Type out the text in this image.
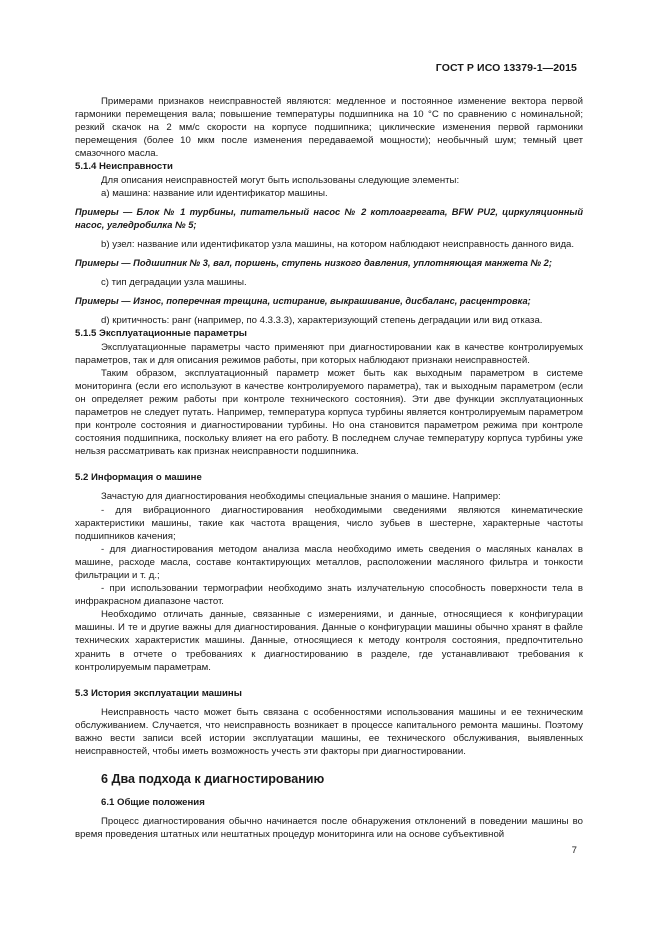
ГОСТ Р ИСО 13379-1—2015

Примерами признаков неисправностей являются: медленное и постоянное изменение вектора первой гармоники перемещения вала; повышение температуры подшипника на 10 °С по сравнению с номинальной; резкий скачок на 2 мм/с скорости на корпусе подшипника; циклические изменения первой гармоники перемещения (более 10 мкм после изменения передаваемой мощности); необычный шум; темный цвет смазочного масла.

5.1.4 Неисправности

Для описания неисправностей могут быть использованы следующие элементы:

а) машина: название или идентификатор машины.

Примеры — Блок № 1 турбины, питательный насос № 2 котлоагрегата, BFW PU2, циркуляционный насос, угледробилка № 5;

b) узел: название или идентификатор узла машины, на котором наблюдают неисправность данного вида.

Примеры — Подшипник № 3, вал, поршень, ступень низкого давления, уплотняющая манжета № 2;

с) тип деградации узла машины.

Примеры — Износ, поперечная трещина, истирание, выкрашивание, дисбаланс, расцентровка;

d) критичность: ранг (например, по 4.3.3.3), характеризующий степень деградации или вид отказа.

5.1.5 Эксплуатационные параметры

Эксплуатационные параметры часто применяют при диагностировании как в качестве контролируемых параметров, так и для описания режимов работы, при которых наблюдают признаки неисправностей.

Таким образом, эксплуатационный параметр может быть как выходным параметром в системе мониторинга (если его используют в качестве контролируемого параметра), так и выходным параметром (если он определяет режим работы при контроле технического состояния). Эти две функции эксплуатационных параметров не следует путать. Например, температура корпуса турбины является контролируемым параметром при контроле состояния и диагностировании турбины. Но она становится параметром режима при контроле состояния подшипника, поскольку влияет на его работу. В последнем случае температуру корпуса турбины уже нельзя рассматривать как признак неисправности подшипника.

5.2 Информация о машине

Зачастую для диагностирования необходимы специальные знания о машине. Например:

- для вибрационного диагностирования необходимыми сведениями являются кинематические характеристики машины, такие как частота вращения, число зубьев в шестерне, характерные частоты подшипников качения;

- для диагностирования методом анализа масла необходимо иметь сведения о масляных каналах в машине, расходе масла, составе контактирующих металлов, расположении масляного фильтра и тонкости фильтрации и т. д.;

- при использовании термографии необходимо знать излучательную способность поверхности тела в инфракрасном диапазоне частот.

Необходимо отличать данные, связанные с измерениями, и данные, относящиеся к конфигурации машины. И те и другие важны для диагностирования. Данные о конфигурации машины обычно хранят в файле технических характеристик машины. Данные, относящиеся к методу контроля состояния, предпочтительно хранить в отчете о требованиях к диагностированию в разделе, где устанавливают требования к контролируемым параметрам.

5.3 История эксплуатации машины

Неисправность часто может быть связана с особенностями использования машины и ее техническим обслуживанием. Случается, что неисправность возникает в процессе капитального ремонта машины. Поэтому важно вести записи всей истории эксплуатации машины, ее технического обслуживания, выявленных неисправностей, чтобы иметь возможность учесть эти факторы при диагностировании.

6 Два подхода к диагностированию

6.1 Общие положения

Процесс диагностирования обычно начинается после обнаружения отклонений в поведении машины во время проведения штатных или нештатных процедур мониторинга или на основе субъективной

7
